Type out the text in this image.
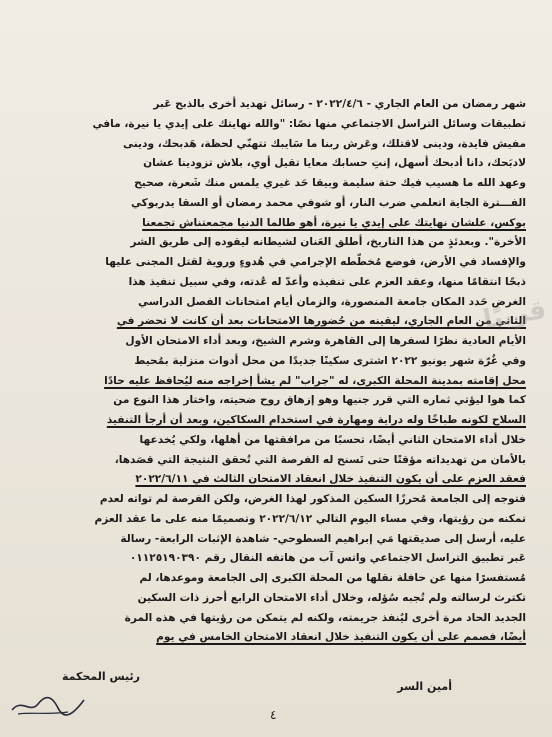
شهر رمضان من العام الجاري - ٢٠٢٢/٤/٦ - رسائل تهديد أخرى بالذبح عَبر
تطبيقات وسائل التراسل الاجتماعي منها نصًا: "والله نهايتك على إيدي يا نيرة، مافي
مفيش فايدة، ودينى لاقتلك، وعَرش ربنا ما سَايبك تتهنّي لحظة، هَدبحك، ودينى
لادبَحك، دانا أدبحك أسهل، إنتِ حسابك معايا تقيل أوي، بلاش تزودينا عشان
وعهد الله ما هسيب فيك حتة سليمة وبيقا حَد غيري يلمس منك شَعرة، صحيح
الفـــترة الجاية اتعلمي ضرب النار، أو شوفي محمد رمضان أو السقا يدربوكي
بوكس، علشان نهايتك على إيدي يا نيرة، أهو طالما الدنيا مجمعتناش تجمعنا
الأخرة". وبعدئذٍ من هذا التاريخ، أطلق العَنان لشيطانه ليقوده إلى طريق الشر
والإفساد في الأرض، فوضع مُخطّطه الإجرامي في هُدوءٍ وروية لقتل المجنى عليها
ذبحًا انتقامًا منها، وعقد العزم على تنفيذه وأعدّ له عُدته، وفي سبيل تنفيذ هذا
الغرض حَدد المكان جامعة المنصورة، والزمان أيام امتحانات الفصل الدراسي
الثاني من العام الجاري، ليقينه من حُضورها الامتحانات بعد أن كانت لا تحضر في
الأيام العادية نظرًا لسفرها إلى القاهرة وشرم الشيخ، وبعد أداء الامتحان الأول
وفي غُرّة شهر يونيو ٢٠٢٢ اشترى سكينًا جديدًا من محل أدوات منزلية بمُحيط
محل إقامته بمدينة المحلة الكبرى، له "جراب" لم يشأ إخراجه منه ليُحافظ عليه حادًا
كما هوا ليؤتي ثماره التي قرر جنيها وهو إزهاق روح ضحيته، واختار هذا النوع من
السلاح لكونه طباخًا وله دراية ومهارة في استخدام السكاكين، وبعد أن أرجأ التنفيذ
خلال أداء الامتحان الثاني أيضًا، تحسبًا من مرافقتها من أهلها، ولكي يُخدعها
بالأمان من تهديداته مؤقتًا حتى تَسنح له الفرصة التي تُحقق النتيجة التي قصَدها،
فعقد العزم على أن يكون التنفيذ خلال انعقاد الامتحان الثالث في ٢٠٢٢/٦/١١
فتوجه إلى الجامعة مُحرزًا السكين المذكور لهذا الغرض، ولكن الفرصة لم تواته لعدم
تمكنه من رؤيتها، وفي مساء اليوم التالي ٢٠٢٢/٦/١٢ وتصميمًا منه على ما عقد العزم
عليه، أرسل إلى صديقتها مَي إبراهيم السطوحي- شاهدة الإثبات الرابعة- رسالة
عَبر تطبيق التراسل الاجتماعي واتس آب من هاتفه النقال رقم ٠١١٢٥١٩٠٣٩٠
مُستفسرًا منها عن حافلة نقلها من المحلة الكبرى إلى الجامعة وموعدها، لم
تكترث لرسالته ولم تُجبه سُؤله، وخلال أداء الامتحان الرابع أحرز ذات السكين
الجديد الحاد مرة أخرى ليُنفذ جريمته، ولكنه لم يتمكن من رؤيتها في هذه المرة
أيضًا، فصمم على أن يكون التنفيذ خلال انعقاد الامتحان الخامس في يوم
قريبًا
رئيس المحكمة
أمين السر
٤
